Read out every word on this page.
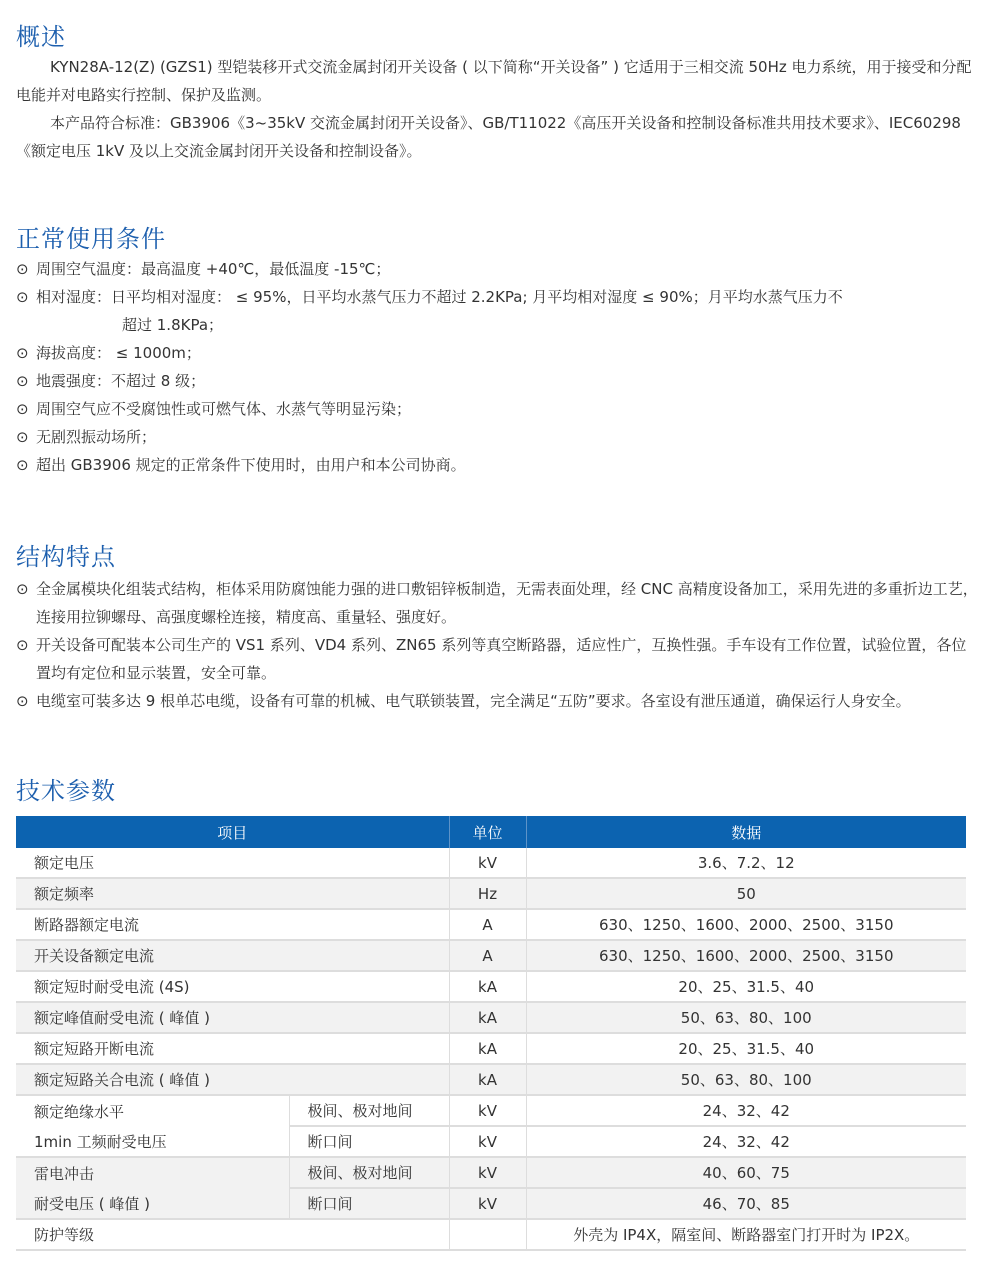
概述

KYN28A-12(Z) (GZS1) 型铠装移开式交流金属封闭开关设备 ( 以下简称“开关设备” ) 它适用于三相交流 50Hz 电力系统，用于接受和分配电能并对电路实行控制、保护及监测。

本产品符合标准：GB3906《3~35kV 交流金属封闭开关设备》、GB/T11022《高压开关设备和控制设备标准共用技术要求》、IEC60298《额定电压 1kV 及以上交流金属封闭开关设备和控制设备》。

正常使用条件
⊙ 周围空气温度：最高温度 +40℃，最低温度 -15℃；
⊙ 相对湿度：日平均相对湿度： ≤ 95%，日平均水蒸气压力不超过 2.2KPa; 月平均相对湿度 ≤ 90%；月平均水蒸气压力不
超过 1.8KPa；
⊙ 海拔高度： ≤ 1000m；
⊙ 地震强度：不超过 8 级；
⊙ 周围空气应不受腐蚀性或可燃气体、水蒸气等明显污染；
⊙ 无剧烈振动场所；
⊙ 超出 GB3906 规定的正常条件下使用时，由用户和本公司协商。
结构特点
⊙ 全金属模块化组装式结构，柜体采用防腐蚀能力强的进口敷铝锌板制造，无需表面处理，经 CNC 高精度设备加工，采用先进的多重折边工艺，连接用拉铆螺母、高强度螺栓连接，精度高、重量轻、强度好。
⊙ 开关设备可配装本公司生产的 VS1 系列、VD4 系列、ZN65 系列等真空断路器，适应性广，互换性强。手车设有工作位置，试验位置，各位置均有定位和显示装置，安全可靠。
⊙ 电缆室可装多达 9 根单芯电缆，设备有可靠的机械、电气联锁装置，完全满足“五防”要求。各室设有泄压通道，确保运行人身安全。
技术参数
项目		单位	数据
额定电压		kV	3.6、7.2、12
额定频率		Hz	50
断路器额定电流		A	630、1250、1600、2000、2500、3150
开关设备额定电流		A	630、1250、1600、2000、2500、3150
额定短时耐受电流 (4S)		kA	20、25、31.5、40
额定峰值耐受电流 ( 峰值 )		kA	50、63、80、100
额定短路开断电流		kA	20、25、31.5、40
额定短路关合电流 ( 峰值 )		kA	50、63、80、100
额定绝缘水平	极间、极对地间	kV	24、32、42
1min 工频耐受电压	断口间	kV	24、32、42
雷电冲击	极间、极对地间	kV	40、60、75
耐受电压 ( 峰值 )	断口间	kV	46、70、85
防护等级			外壳为 IP4X，隔室间、断路器室门打开时为 IP2X。
